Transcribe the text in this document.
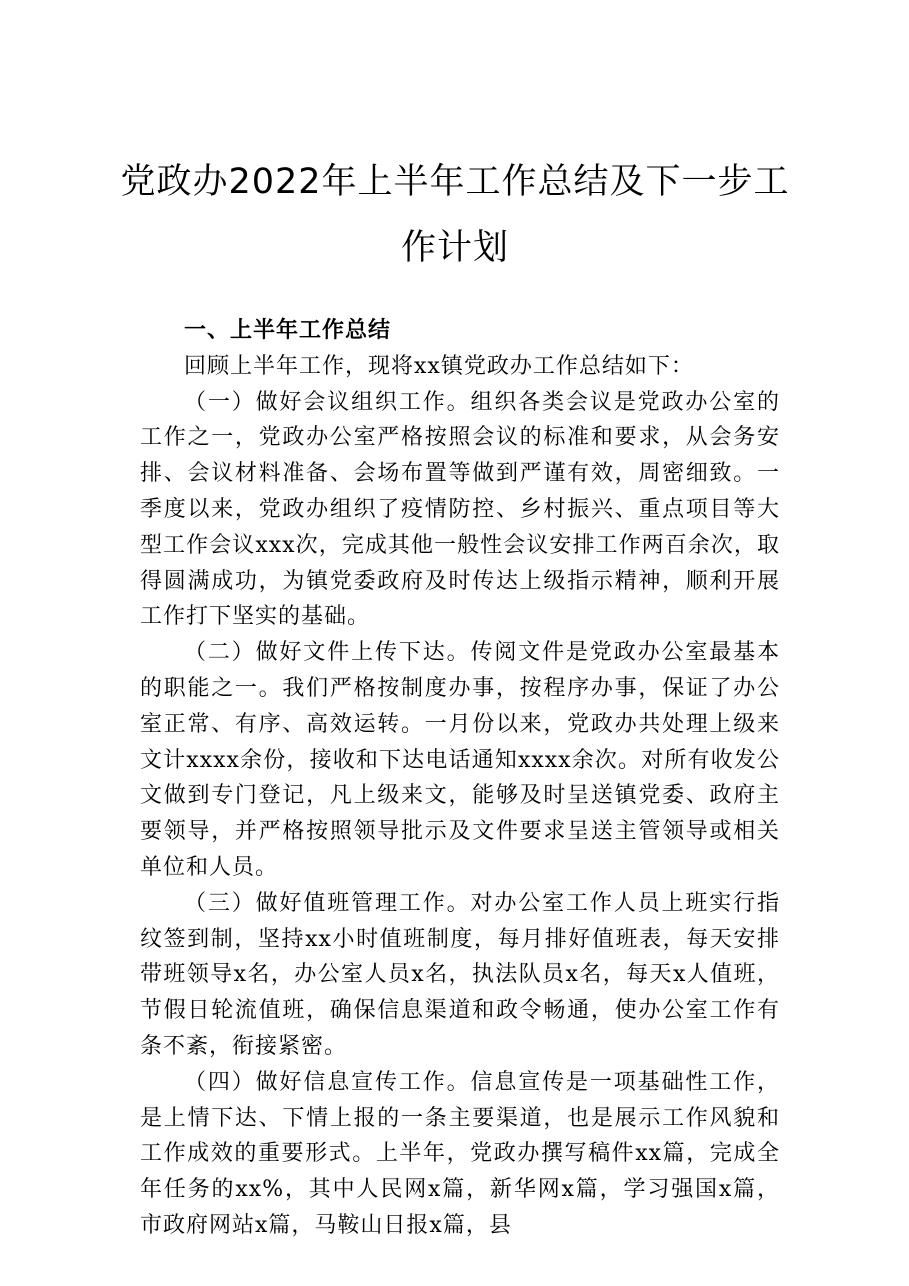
党政办2022年上半年工作总结及下一步工
作计划

一、上半年工作总结

回顾上半年工作，现将xx镇党政办工作总结如下：

（一）做好会议组织工作。组织各类会议是党政办公室的工作之一，党政办公室严格按照会议的标准和要求，从会务安排、会议材料准备、会场布置等做到严谨有效，周密细致。一季度以来，党政办组织了疫情防控、乡村振兴、重点项目等大型工作会议xxx次，完成其他一般性会议安排工作两百余次，取得圆满成功，为镇党委政府及时传达上级指示精神，顺利开展工作打下坚实的基础。

（二）做好文件上传下达。传阅文件是党政办公室最基本的职能之一。我们严格按制度办事，按程序办事，保证了办公室正常、有序、高效运转。一月份以来，党政办共处理上级来文计xxxx余份，接收和下达电话通知xxxx余次。对所有收发公文做到专门登记，凡上级来文，能够及时呈送镇党委、政府主要领导，并严格按照领导批示及文件要求呈送主管领导或相关单位和人员。

（三）做好值班管理工作。对办公室工作人员上班实行指纹签到制，坚持xx小时值班制度，每月排好值班表，每天安排带班领导x名，办公室人员x名，执法队员x名，每天x人值班，节假日轮流值班，确保信息渠道和政令畅通，使办公室工作有条不紊，衔接紧密。

（四）做好信息宣传工作。信息宣传是一项基础性工作，是上情下达、下情上报的一条主要渠道，也是展示工作风貌和工作成效的重要形式。上半年，党政办撰写稿件xx篇，完成全年任务的xx%，其中人民网x篇，新华网x篇，学习强国x篇，市政府网站x篇，马鞍山日报x篇，县
